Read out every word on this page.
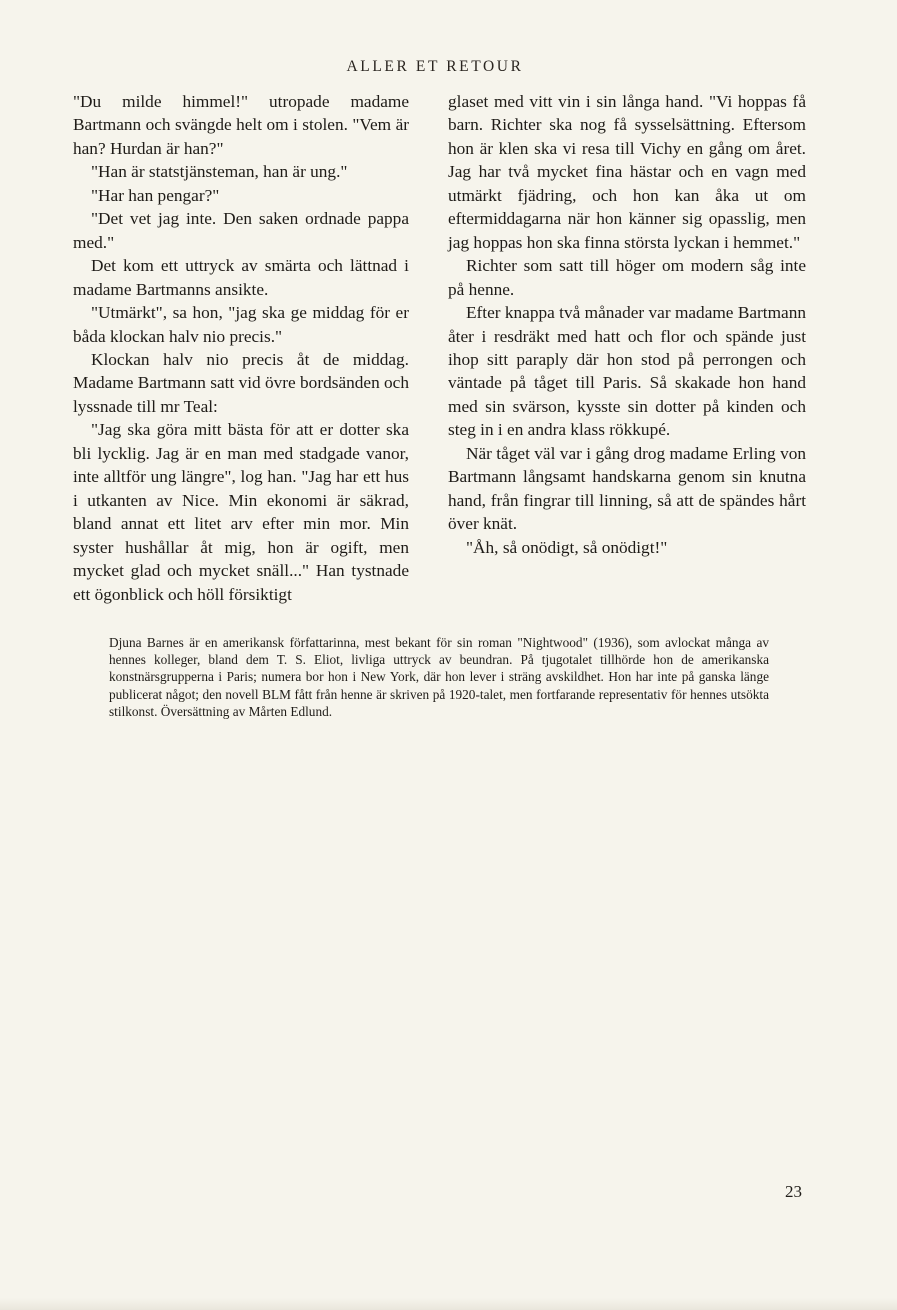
ALLER ET RETOUR

"Du milde himmel!" utropade madame Bartmann och svängde helt om i stolen. "Vem är han? Hurdan är han?"

"Han är statstjänsteman, han är ung."

"Har han pengar?"

"Det vet jag inte. Den saken ordnade pappa med."

Det kom ett uttryck av smärta och lättnad i madame Bartmanns ansikte.

"Utmärkt", sa hon, "jag ska ge middag för er båda klockan halv nio precis."

Klockan halv nio precis åt de middag. Madame Bartmann satt vid övre bordsänden och lyssnade till mr Teal:

"Jag ska göra mitt bästa för att er dotter ska bli lycklig. Jag är en man med stadgade vanor, inte alltför ung längre", log han. "Jag har ett hus i utkanten av Nice. Min ekonomi är säkrad, bland annat ett litet arv efter min mor. Min syster hushållar åt mig, hon är ogift, men mycket glad och mycket snäll..." Han tystnade ett ögonblick och höll försiktigt

glaset med vitt vin i sin långa hand. "Vi hoppas få barn. Richter ska nog få sysselsättning. Eftersom hon är klen ska vi resa till Vichy en gång om året. Jag har två mycket fina hästar och en vagn med utmärkt fjädring, och hon kan åka ut om eftermiddagarna när hon känner sig opasslig, men jag hoppas hon ska finna största lyckan i hemmet."

Richter som satt till höger om modern såg inte på henne.

Efter knappa två månader var madame Bartmann åter i resdräkt med hatt och flor och spände just ihop sitt paraply där hon stod på perrongen och väntade på tåget till Paris. Så skakade hon hand med sin svärson, kysste sin dotter på kinden och steg in i en andra klass rökkupé.

När tåget väl var i gång drog madame Erling von Bartmann långsamt handskarna genom sin knutna hand, från fingrar till linning, så att de spändes hårt över knät.

"Åh, så onödigt, så onödigt!"

Djuna Barnes är en amerikansk författarinna, mest bekant för sin roman "Nightwood" (1936), som avlockat många av hennes kolleger, bland dem T. S. Eliot, livliga uttryck av beundran. På tjugotalet tillhörde hon de amerikanska konstnärsgrupperna i Paris; numera bor hon i New York, där hon lever i sträng avskildhet. Hon har inte på ganska länge publicerat något; den novell BLM fått från henne är skriven på 1920-talet, men fortfarande representativ för hennes utsökta stilkonst. Översättning av Mårten Edlund.
23
